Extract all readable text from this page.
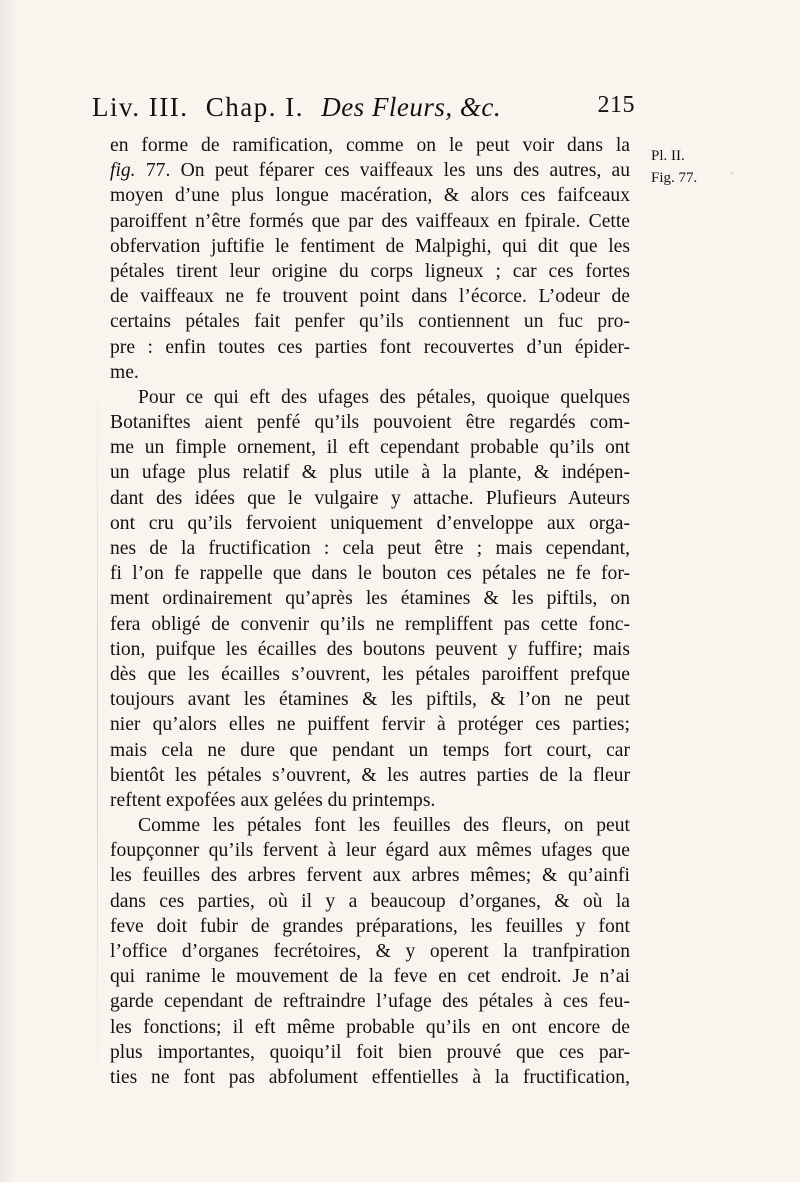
Liv. III. Chap. I. Des Fleurs, &c.	215
Pl. II.
Fig. 77.	ˋ
en forme de ramification, comme on le peut voir dans la
fig. 77. On peut féparer ces vaiffeaux les uns des autres, au
moyen d’une plus longue macération, & alors ces faifceaux
paroiffent n’être formés que par des vaiffeaux en fpirale. Cette
obfervation juftifie le fentiment de Malpighi, qui dit que les
pétales tirent leur origine du corps ligneux ; car ces fortes
de vaiffeaux ne fe trouvent point dans l’écorce. L’odeur de
certains pétales fait penfer qu’ils contiennent un fuc pro-
pre : enfin toutes ces parties font recouvertes d’un épider-
me.
Pour ce qui eft des ufages des pétales, quoique quelques
Botaniftes aient penfé qu’ils pouvoient être regardés com-
me un fimple ornement, il eft cependant probable qu’ils ont
un ufage plus relatif & plus utile à la plante, & indépen-
dant des idées que le vulgaire y attache. Plufieurs Auteurs
ont cru qu’ils fervoient uniquement d’enveloppe aux orga-
nes de la fructification : cela peut être ; mais cependant,
fi l’on fe rappelle que dans le bouton ces pétales ne fe for-
ment ordinairement qu’après les étamines & les piftils, on
fera obligé de convenir qu’ils ne rempliffent pas cette fonc-
tion, puifque les écailles des boutons peuvent y fuffire; mais
dès que les écailles s’ouvrent, les pétales paroiffent prefque
toujours avant les étamines & les piftils, & l’on ne peut
nier qu’alors elles ne puiffent fervir à protéger ces parties;
mais cela ne dure que pendant un temps fort court, car
bientôt les pétales s’ouvrent, & les autres parties de la fleur
reftent expofées aux gelées du printemps.
Comme les pétales font les feuilles des fleurs, on peut
foupçonner qu’ils fervent à leur égard aux mêmes ufages que
les feuilles des arbres fervent aux arbres mêmes; & qu’ainfi
dans ces parties, où il y a beaucoup d’organes, & où la
feve doit fubir de grandes préparations, les feuilles y font
l’office d’organes fecrétoires, & y operent la tranfpiration
qui ranime le mouvement de la feve en cet endroit. Je n’ai
garde cependant de reftraindre l’ufage des pétales à ces feu-
les fonctions; il eft même probable qu’ils en ont encore de
plus importantes, quoiqu’il foit bien prouvé que ces par-
ties ne font pas abfolument effentielles à la fructification,
